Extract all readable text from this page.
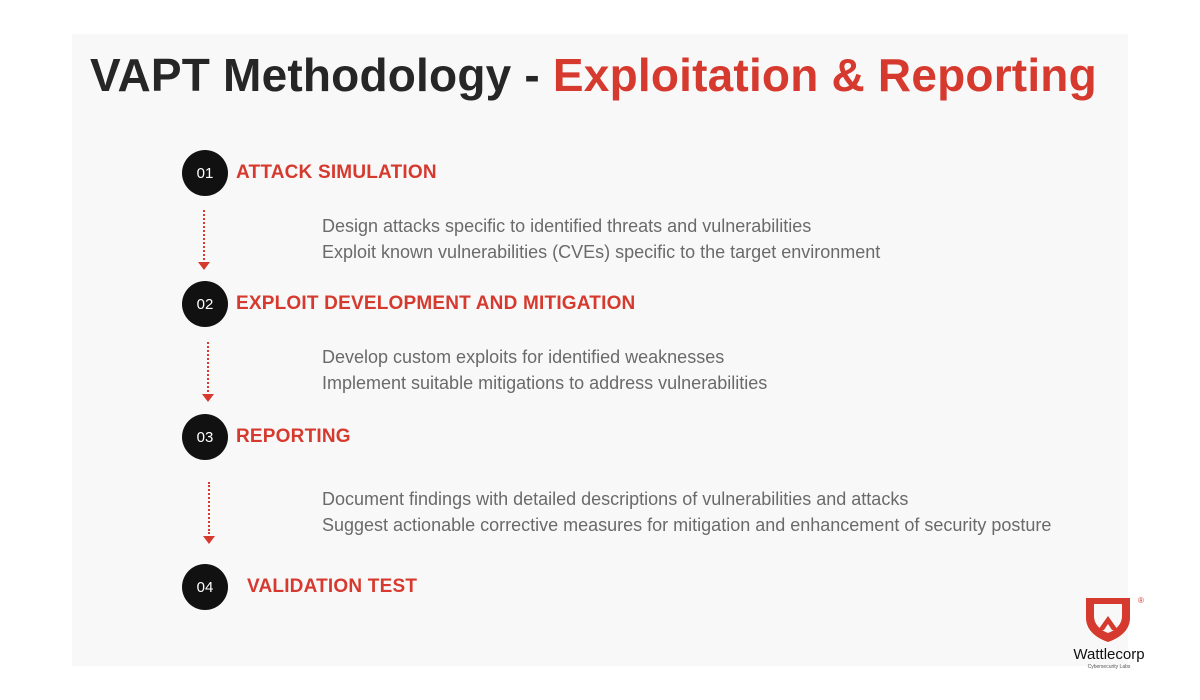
VAPT Methodology - Exploitation & Reporting
01 ATTACK SIMULATION
Design attacks specific to identified threats and vulnerabilities
Exploit known vulnerabilities (CVEs) specific to the target environment
02 EXPLOIT DEVELOPMENT AND MITIGATION
Develop custom exploits for identified weaknesses
Implement suitable mitigations to address vulnerabilities
03 REPORTING
Document findings with detailed descriptions of vulnerabilities and attacks
Suggest actionable corrective measures for mitigation and enhancement of security posture
04 VALIDATION TEST
®
Wattlecorp
Cybersecurity Labs
